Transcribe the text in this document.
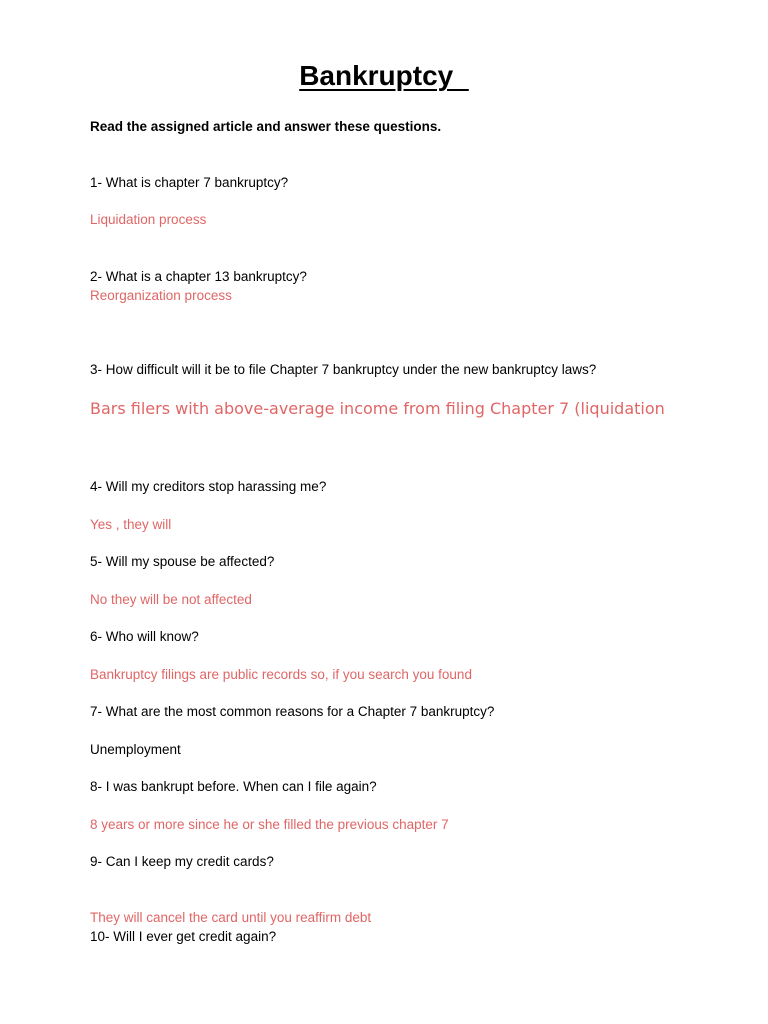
Bankruptcy
Read the assigned article and answer these questions.
1- What is chapter 7 bankruptcy?
Liquidation process
2- What is a chapter 13 bankruptcy?
Reorganization process
3- How difficult will it be to file Chapter 7 bankruptcy under the new bankruptcy laws?
Bars filers with above-average income from filing Chapter 7 (liquidation
4- Will my creditors stop harassing me?
Yes , they will
5- Will my spouse be affected?
No they will be not affected
6- Who will know?
Bankruptcy filings are public records so, if you search you found
7- What are the most common reasons for a Chapter 7 bankruptcy?
Unemployment
8- I was bankrupt before. When can I file again?
8 years or more since he or she filled the previous chapter 7
9- Can I keep my credit cards?
They will cancel the card until you reaffirm debt
10- Will I ever get credit again?
